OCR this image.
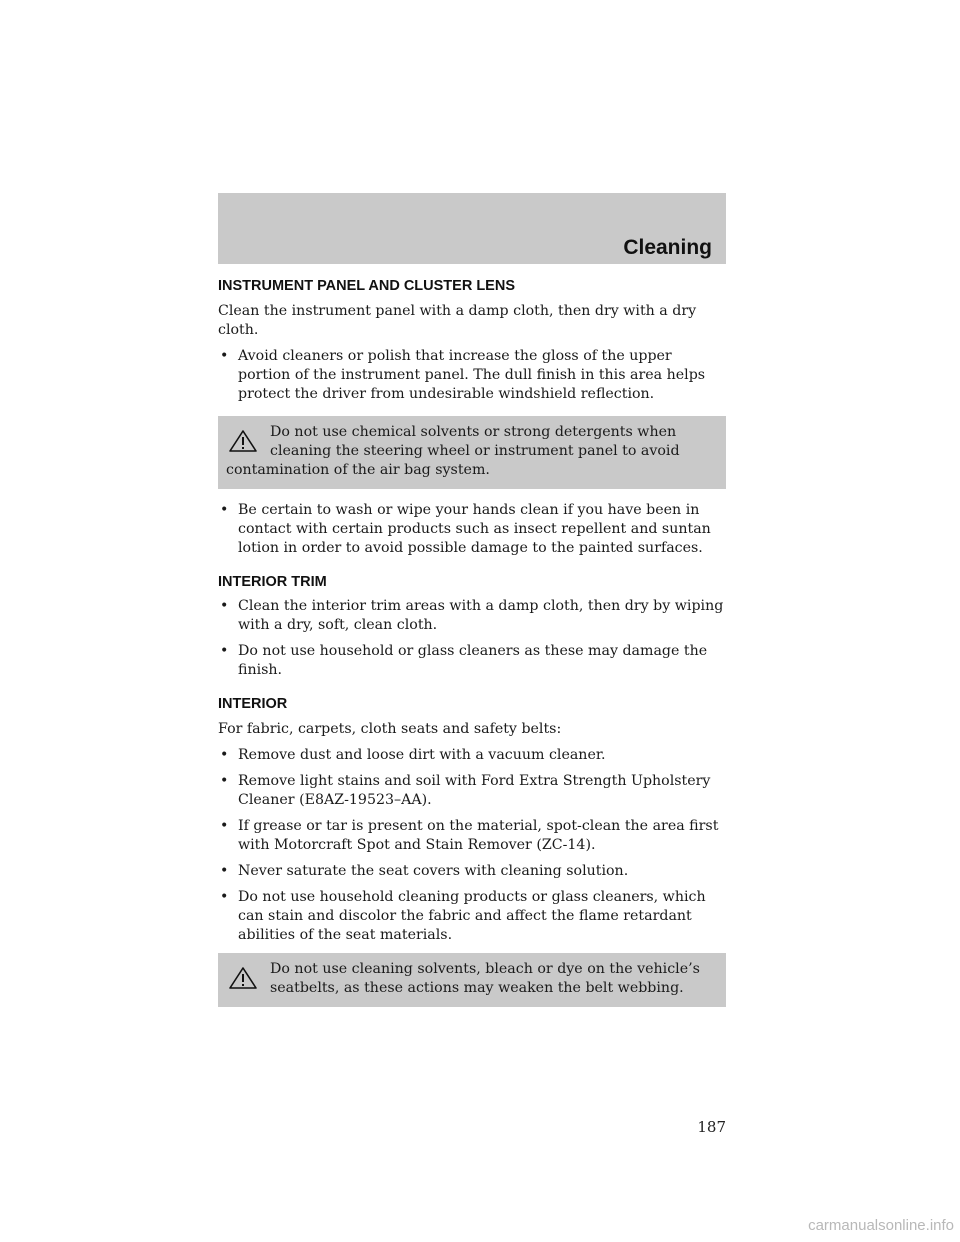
Cleaning
INSTRUMENT PANEL AND CLUSTER LENS

Clean the instrument panel with a damp cloth, then dry with a dry cloth.

• Avoid cleaners or polish that increase the gloss of the upper portion of the instrument panel. The dull finish in this area helps protect the driver from undesirable windshield reflection.
Do not use chemical solvents or strong detergents when cleaning the steering wheel or instrument panel to avoid contamination of the air bag system.
• Be certain to wash or wipe your hands clean if you have been in contact with certain products such as insect repellent and suntan lotion in order to avoid possible damage to the painted surfaces.
INTERIOR TRIM
• Clean the interior trim areas with a damp cloth, then dry by wiping with a dry, soft, clean cloth.
• Do not use household or glass cleaners as these may damage the finish.
INTERIOR

For fabric, carpets, cloth seats and safety belts:

• Remove dust and loose dirt with a vacuum cleaner.
• Remove light stains and soil with Ford Extra Strength Upholstery Cleaner (E8AZ-19523–AA).
• If grease or tar is present on the material, spot-clean the area first with Motorcraft Spot and Stain Remover (ZC-14).
• Never saturate the seat covers with cleaning solution.
• Do not use household cleaning products or glass cleaners, which can stain and discolor the fabric and affect the flame retardant abilities of the seat materials.
Do not use cleaning solvents, bleach or dye on the vehicle’s seatbelts, as these actions may weaken the belt webbing.
187
carmanualsonline.info
